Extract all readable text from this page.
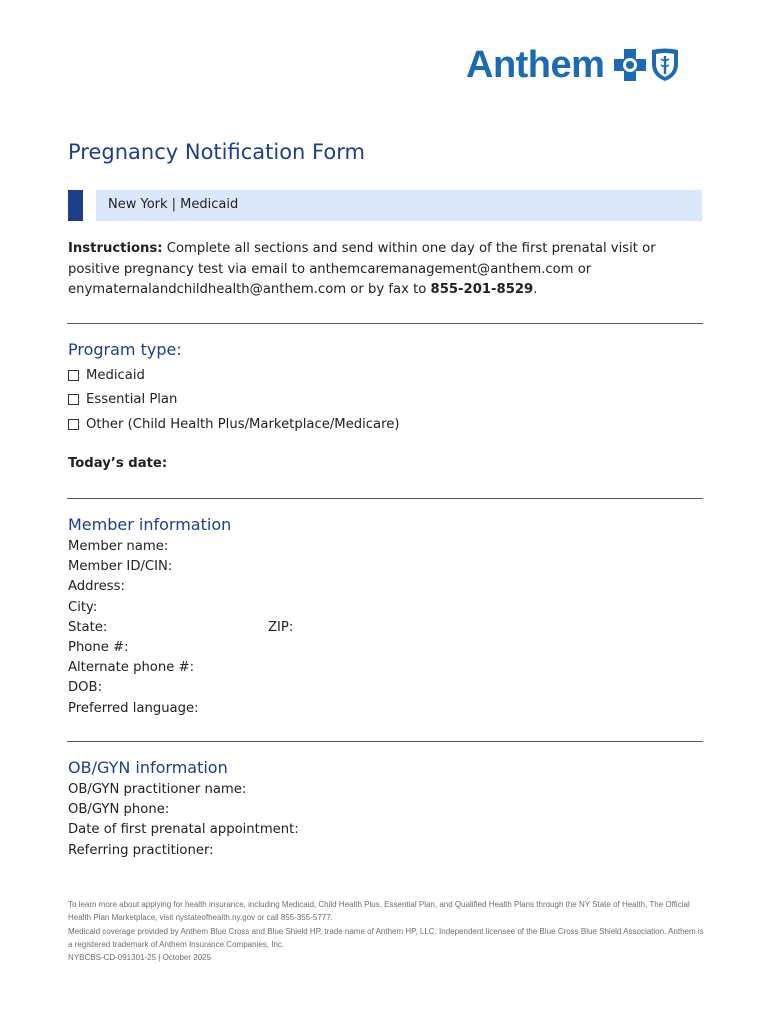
Anthem
Pregnancy Notification Form
New York | Medicaid
Instructions: Complete all sections and send within one day of the first prenatal visit or positive pregnancy test via email to anthemcaremanagement@anthem.com or enymaternalandchildhealth@anthem.com or by fax to 855-201-8529.
Program type:
Medicaid
Essential Plan
Other (Child Health Plus/Marketplace/Medicare)
Today’s date:
Member information
Member name:
Member ID/CIN:
Address:
City:
State:	ZIP:
Phone #:
Alternate phone #:
DOB:
Preferred language:
OB/GYN information
OB/GYN practitioner name:
OB/GYN phone:
Date of first prenatal appointment:
Referring practitioner:

To learn more about applying for health insurance, including Medicaid, Child Health Plus, Essential Plan, and Qualified Health Plans through the NY State of Health, The Official Health Plan Marketplace, visit nystateofhealth.ny.gov or call 855-355-5777.

Medicaid coverage provided by Anthem Blue Cross and Blue Shield HP, trade name of Anthem HP, LLC. Independent licensee of the Blue Cross Blue Shield Association. Anthem is a registered trademark of Anthem Insurance Companies, Inc.

NYBCBS-CD-091301-25 | October 2025
